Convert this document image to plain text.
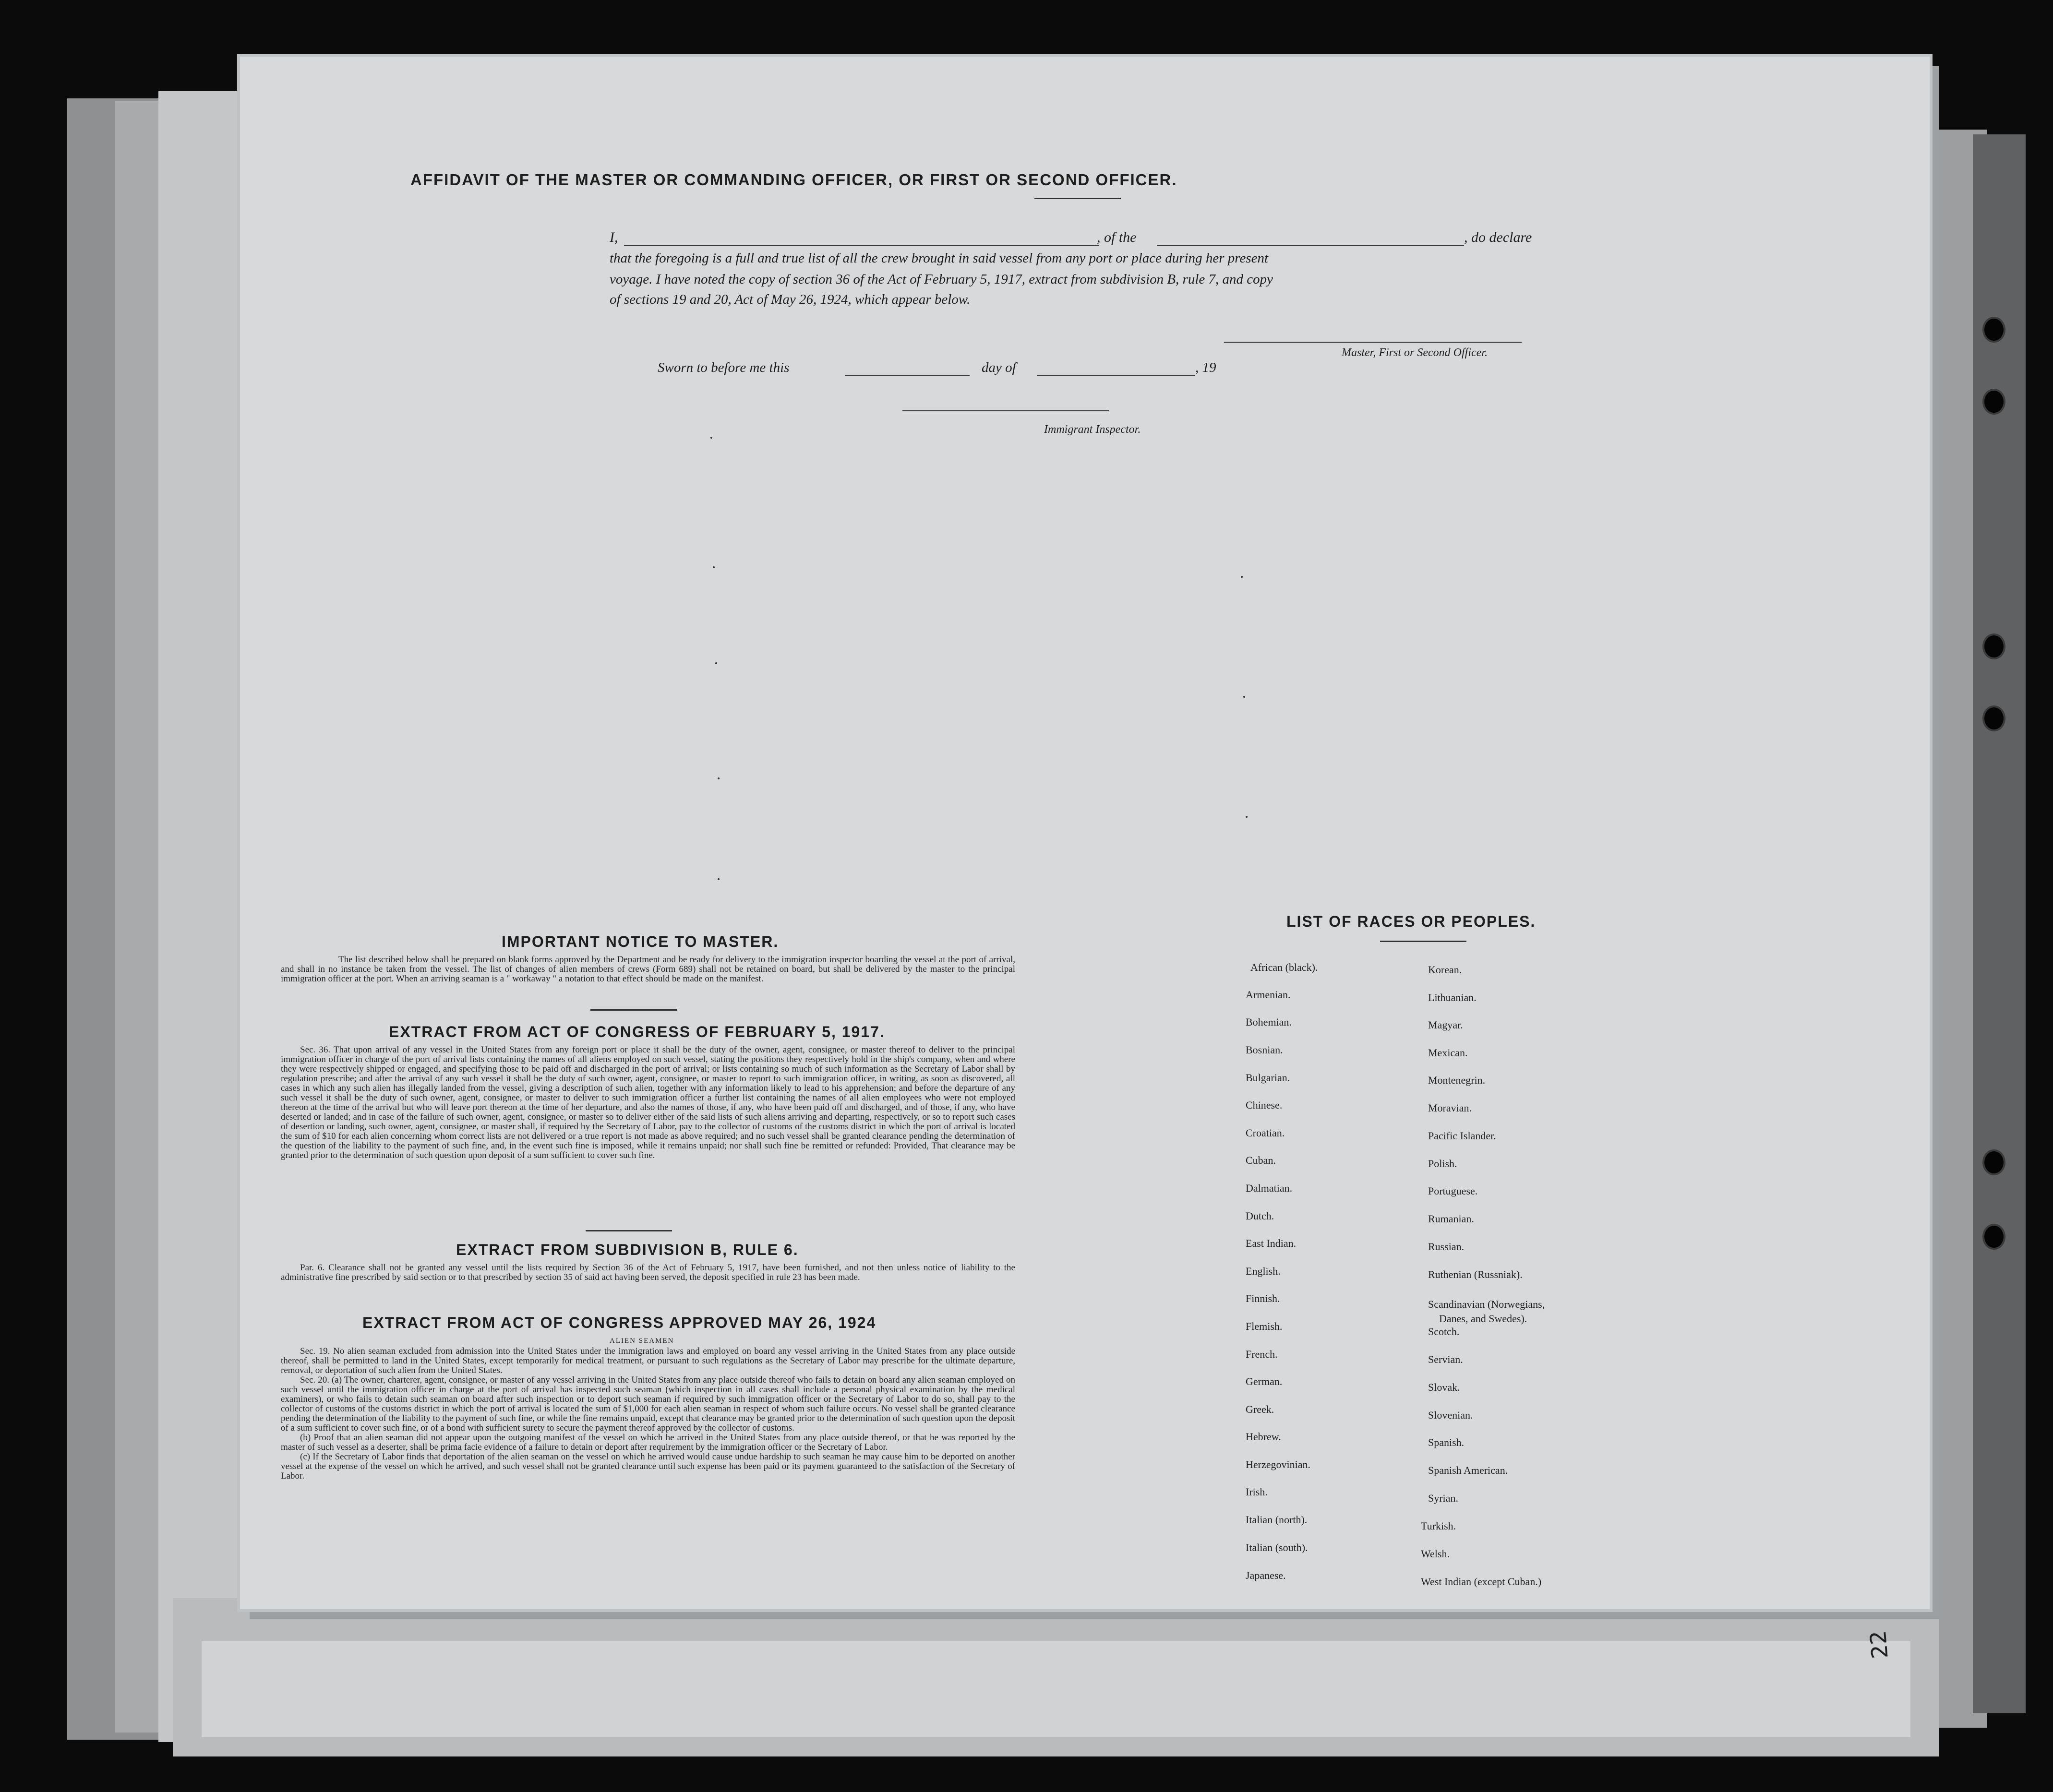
AFFIDAVIT OF THE MASTER OR COMMANDING OFFICER, OR FIRST OR SECOND OFFICER.
I,	, of the	, do declare
that the foregoing is a full and true list of all the crew brought in said vessel from any port or place during her present
voyage. I have noted the copy of section 36 of the Act of February 5, 1917, extract from subdivision B, rule 7, and copy
of sections 19 and 20, Act of May 26, 1924, which appear below.
Master, First or Second Officer.
Sworn to before me this	day of	, 19
Immigrant Inspector.
IMPORTANT NOTICE TO MASTER.
The list described below shall be prepared on blank forms approved by the Department and be ready for delivery to the immigration inspector boarding the vessel at the port of arrival, and shall in no instance be taken from the vessel. The list of changes of alien members of crews (Form 689) shall not be retained on board, but shall be delivered by the master to the principal immigration officer at the port. When an arriving seaman is a " workaway " a notation to that effect should be made on the manifest.
EXTRACT FROM ACT OF CONGRESS OF FEBRUARY 5, 1917.
Sec. 36. That upon arrival of any vessel in the United States from any foreign port or place it shall be the duty of the owner, agent, consignee, or master thereof to deliver to the principal immigration officer in charge of the port of arrival lists containing the names of all aliens employed on such vessel, stating the positions they respectively hold in the ship's company, when and where they were respectively shipped or engaged, and specifying those to be paid off and discharged in the port of arrival; or lists containing so much of such information as the Secretary of Labor shall by regulation prescribe; and after the arrival of any such vessel it shall be the duty of such owner, agent, consignee, or master to report to such immigration officer, in writing, as soon as discovered, all cases in which any such alien has illegally landed from the vessel, giving a description of such alien, together with any information likely to lead to his apprehension; and before the departure of any such vessel it shall be the duty of such owner, agent, consignee, or master to deliver to such immigration officer a further list containing the names of all alien employees who were not employed thereon at the time of the arrival but who will leave port thereon at the time of her departure, and also the names of those, if any, who have been paid off and discharged, and of those, if any, who have deserted or landed; and in case of the failure of such owner, agent, consignee, or master so to deliver either of the said lists of such aliens arriving and departing, respectively, or so to report such cases of desertion or landing, such owner, agent, consignee, or master shall, if required by the Secretary of Labor, pay to the collector of customs of the customs district in which the port of arrival is located the sum of $10 for each alien concerning whom correct lists are not delivered or a true report is not made as above required; and no such vessel shall be granted clearance pending the determination of the question of the liability to the payment of such fine, and, in the event such fine is imposed, while it remains unpaid; nor shall such fine be remitted or refunded: Provided, That clearance may be granted prior to the determination of such question upon deposit of a sum sufficient to cover such fine.
EXTRACT FROM SUBDIVISION B, RULE 6.
Par. 6. Clearance shall not be granted any vessel until the lists required by Section 36 of the Act of February 5, 1917, have been furnished, and not then unless notice of liability to the administrative fine prescribed by said section or to that prescribed by section 35 of said act having been served, the deposit specified in rule 23 has been made.
EXTRACT FROM ACT OF CONGRESS APPROVED MAY 26, 1924
ALIEN SEAMEN

Sec. 19. No alien seaman excluded from admission into the United States under the immigration laws and employed on board any vessel arriving in the United States from any place outside thereof, shall be permitted to land in the United States, except temporarily for medical treatment, or pursuant to such regulations as the Secretary of Labor may prescribe for the ultimate departure, removal, or deportation of such alien from the United States.

Sec. 20. (a) The owner, charterer, agent, consignee, or master of any vessel arriving in the United States from any place outside thereof who fails to detain on board any alien seaman employed on such vessel until the immigration officer in charge at the port of arrival has inspected such seaman (which inspection in all cases shall include a personal physical examination by the medical examiners), or who fails to detain such seaman on board after such inspection or to deport such seaman if required by such immigration officer or the Secretary of Labor to do so, shall pay to the collector of customs of the customs district in which the port of arrival is located the sum of $1,000 for each alien seaman in respect of whom such failure occurs. No vessel shall be granted clearance pending the determination of the liability to the payment of such fine, or while the fine remains unpaid, except that clearance may be granted prior to the determination of such question upon the deposit of a sum sufficient to cover such fine, or of a bond with sufficient surety to secure the payment thereof approved by the collector of customs.

(b) Proof that an alien seaman did not appear upon the outgoing manifest of the vessel on which he arrived in the United States from any place outside thereof, or that he was reported by the master of such vessel as a deserter, shall be prima facie evidence of a failure to detain or deport after requirement by the immigration officer or the Secretary of Labor.

(c) If the Secretary of Labor finds that deportation of the alien seaman on the vessel on which he arrived would cause undue hardship to such seaman he may cause him to be deported on another vessel at the expense of the vessel on which he arrived, and such vessel shall not be granted clearance until such expense has been paid or its payment guaranteed to the satisfaction of the Secretary of Labor.

LIST OF RACES OR PEOPLES.
African (black).
Armenian.
Bohemian.
Bosnian.
Bulgarian.
Chinese.
Croatian.
Cuban.
Dalmatian.
Dutch.
East Indian.
English.
Finnish.
Flemish.
French.
German.
Greek.
Hebrew.
Herzegovinian.
Irish.
Italian (north).
Italian (south).
Japanese.
Korean.
Lithuanian.
Magyar.
Mexican.
Montenegrin.
Moravian.
Pacific Islander.
Polish.
Portuguese.
Rumanian.
Russian.
Ruthenian (Russniak).
Scandinavian (Norwegians,
Scotch.
Servian.
Slovak.
Slovenian.
Spanish.
Spanish American.
Syrian.
Turkish.
Welsh.
West Indian (except Cuban.)
Danes, and Swedes).
22
